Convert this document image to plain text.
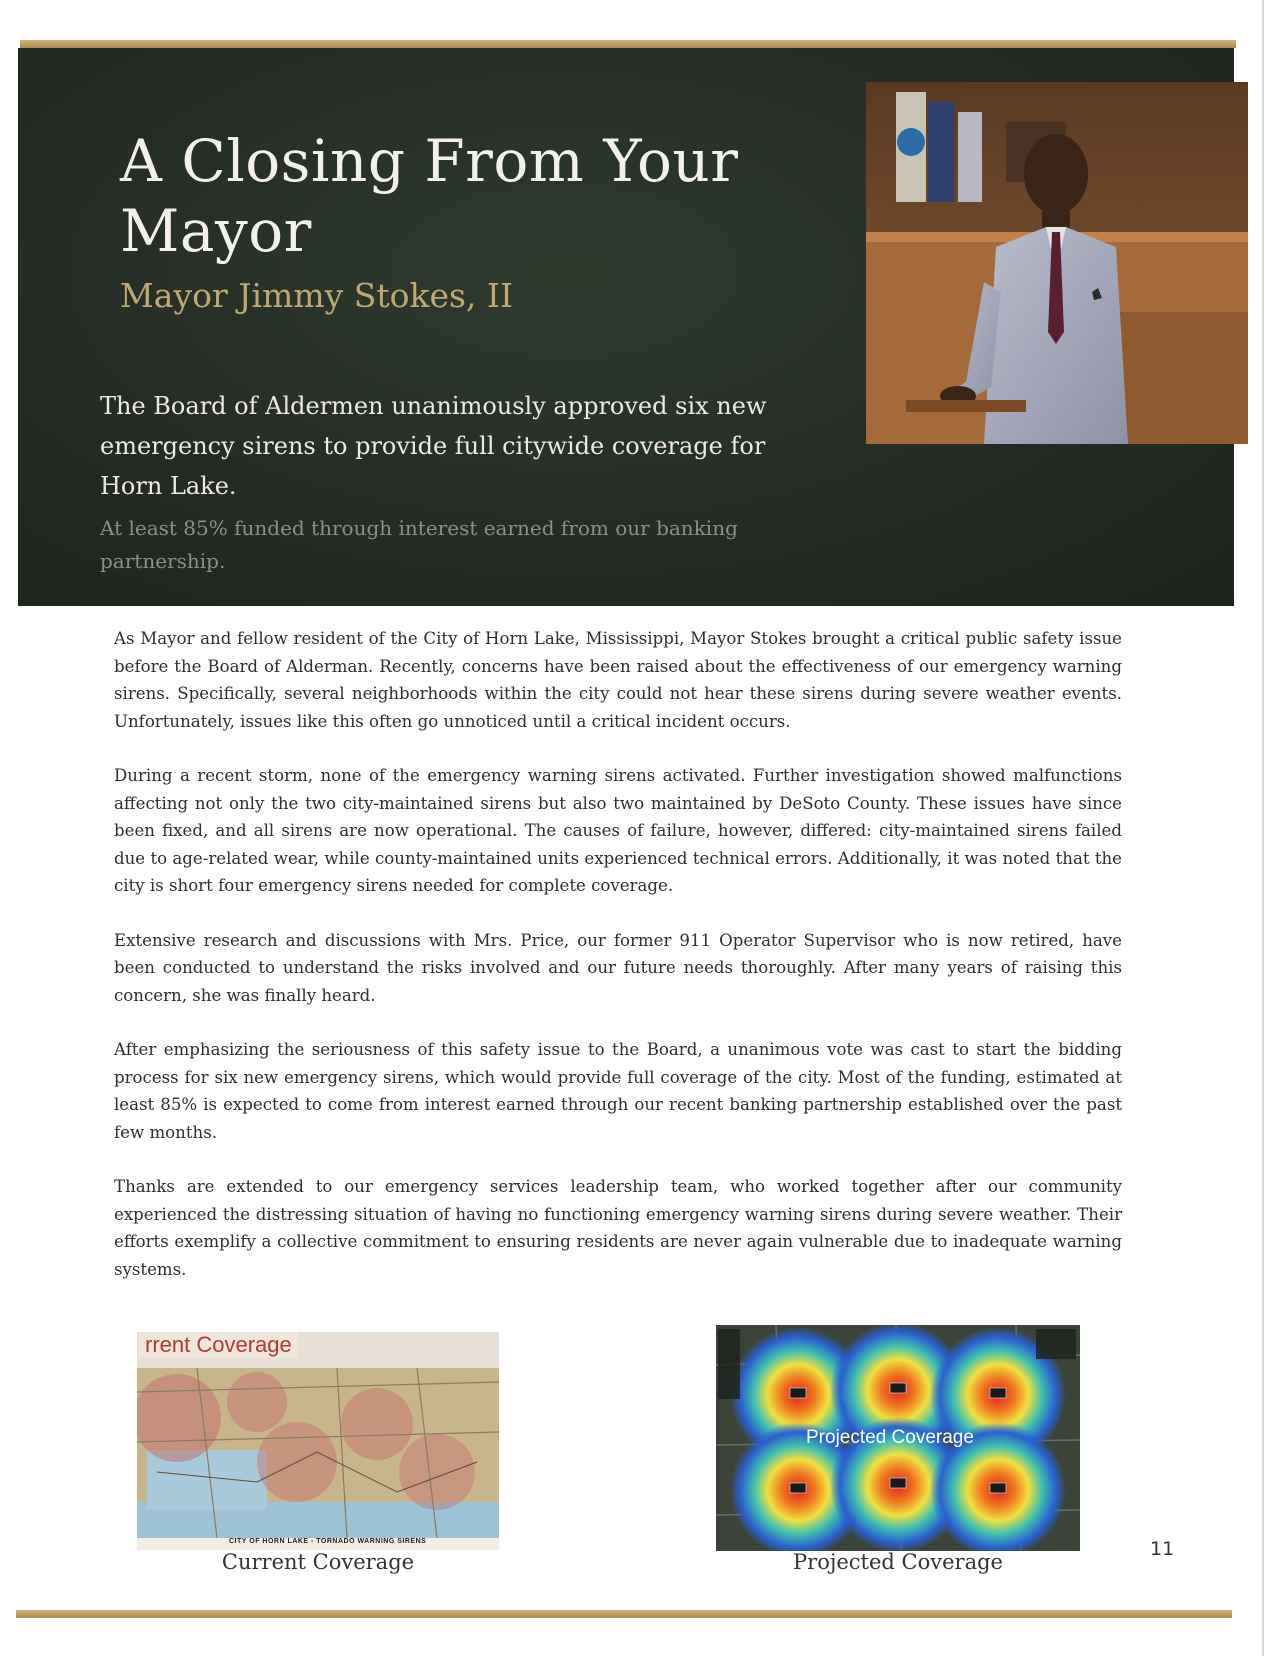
A Closing From Your Mayor
Mayor Jimmy Stokes, II

The Board of Aldermen unanimously approved six new emergency sirens to provide full citywide coverage for Horn Lake.

At least 85% funded through interest earned from our banking partnership.

As Mayor and fellow resident of the City of Horn Lake, Mississippi, Mayor Stokes brought a critical public safety issue before the Board of Alderman. Recently, concerns have been raised about the effectiveness of our emergency warning sirens. Specifically, several neighborhoods within the city could not hear these sirens during severe weather events. Unfortunately, issues like this often go unnoticed until a critical incident occurs.

During a recent storm, none of the emergency warning sirens activated. Further investigation showed malfunctions affecting not only the two city-maintained sirens but also two maintained by DeSoto County. These issues have since been fixed, and all sirens are now operational. The causes of failure, however, differed: city-maintained sirens failed due to age-related wear, while county-maintained units experienced technical errors. Additionally, it was noted that the city is short four emergency sirens needed for complete coverage.

Extensive research and discussions with Mrs. Price, our former 911 Operator Supervisor who is now retired, have been conducted to understand the risks involved and our future needs thoroughly. After many years of raising this concern, she was finally heard.

After emphasizing the seriousness of this safety issue to the Board, a unanimous vote was cast to start the bidding process for six new emergency sirens, which would provide full coverage of the city. Most of the funding, estimated at least 85% is expected to come from interest earned through our recent banking partnership established over the past few months.

Thanks are extended to our emergency services leadership team, who worked together after our community experienced the distressing situation of having no functioning emergency warning sirens during severe weather. Their efforts exemplify a collective commitment to ensuring residents are never again vulnerable due to inadequate warning systems.

rrent Coverage
CITY OF HORN LAKE - TORNADO WARNING SIRENS

Current Coverage

Projected Coverage

Projected Coverage

11
